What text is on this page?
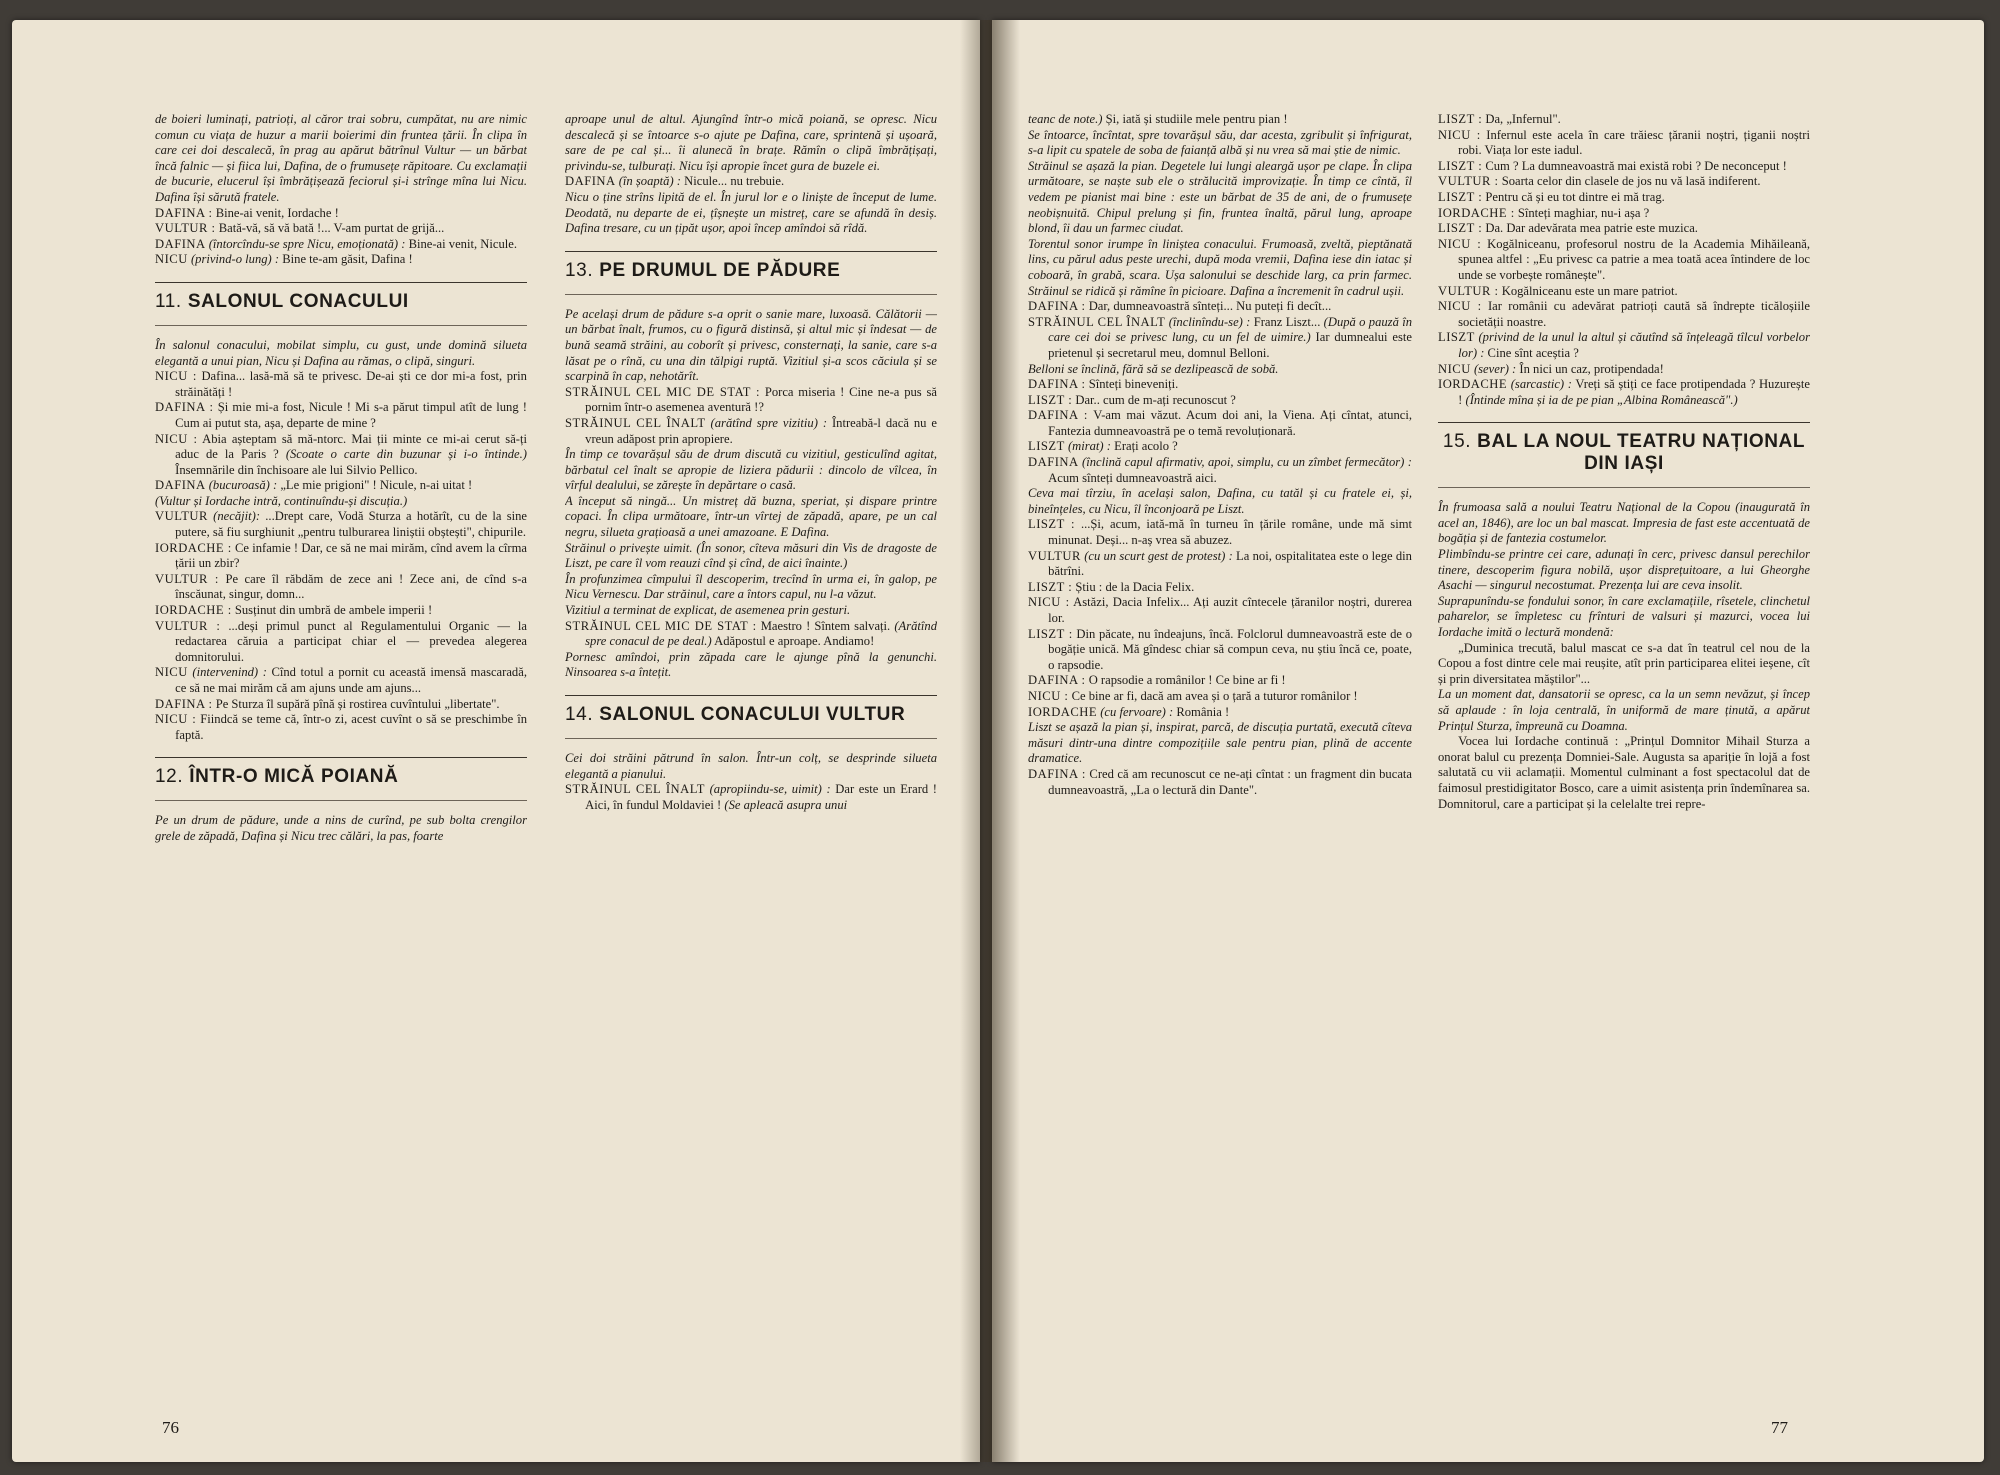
de boieri luminați, patrioți, al căror trai sobru, cumpătat, nu are nimic comun cu viața de huzur a marii boierimi din fruntea țării. În clipa în care cei doi descalecă, în prag au apărut bătrînul Vultur — un bărbat încă falnic — și fiica lui, Dafina, de o frumusețe răpitoare. Cu exclamații de bucurie, elucerul își îmbrățișează feciorul și-i strînge mîna lui Nicu. Dafina își sărută fratele.

DAFINA : Bine-ai venit, Iordache !

VULTUR : Bată-vă, să vă bată !... V-am purtat de grijă...

DAFINA (întorcîndu-se spre Nicu, emoționată) : Bine-ai venit, Nicule.

NICU (privind-o lung) : Bine te-am găsit, Dafina !

11. SALONUL CONACULUI

În salonul conacului, mobilat simplu, cu gust, unde domină silueta elegantă a unui pian, Nicu și Dafina au rămas, o clipă, singuri.

NICU : Dafina... lasă-mă să te privesc. De-ai ști ce dor mi-a fost, prin străinătăți !

DAFINA : Și mie mi-a fost, Nicule ! Mi s-a părut timpul atît de lung ! Cum ai putut sta, așa, departe de mine ?

NICU : Abia așteptam să mă-ntorc. Mai ții minte ce mi-ai cerut să-ți aduc de la Paris ? (Scoate o carte din buzunar și i-o întinde.) Însemnările din închisoare ale lui Silvio Pellico.

DAFINA (bucuroasă) : „Le mie prigioni" ! Nicule, n-ai uitat !

(Vultur și Iordache intră, continuîndu-și discuția.)

VULTUR (necăjit): ...Drept care, Vodă Sturza a hotărît, cu de la sine putere, să fiu surghiunit „pentru tulburarea liniștii obștești", chipurile.

IORDACHE : Ce infamie ! Dar, ce să ne mai mirăm, cînd avem la cîrma țării un zbir?

VULTUR : Pe care îl răbdăm de zece ani ! Zece ani, de cînd s-a înscăunat, singur, domn...

IORDACHE : Susținut din umbră de ambele imperii !

VULTUR : ...deși primul punct al Regulamentului Organic — la redactarea căruia a participat chiar el — prevedea alegerea domnitorului.

NICU (intervenind) : Cînd totul a pornit cu această imensă mascaradă, ce să ne mai mirăm că am ajuns unde am ajuns...

DAFINA : Pe Sturza îl supără pînă și rostirea cuvîntului „libertate".

NICU : Fiindcă se teme că, într-o zi, acest cuvînt o să se preschimbe în faptă.

12. ÎNTR-O MICĂ POIANĂ

Pe un drum de pădure, unde a nins de curînd, pe sub bolta crengilor grele de zăpadă, Dafina și Nicu trec călări, la pas, foarte

aproape unul de altul. Ajungînd într-o mică poiană, se opresc. Nicu descalecă și se întoarce s-o ajute pe Dafina, care, sprintenă și ușoară, sare de pe cal și... îi alunecă în brațe. Rămîn o clipă îmbrățișați, privindu-se, tulburați. Nicu își apropie încet gura de buzele ei.

DAFINA (în șoaptă) : Nicule... nu trebuie.

Nicu o ține strîns lipită de el. În jurul lor e o liniște de început de lume. Deodată, nu departe de ei, țîșnește un mistreț, care se afundă în desiș. Dafina tresare, cu un țipăt ușor, apoi încep amîndoi să rîdă.

13. PE DRUMUL DE PĂDURE

Pe același drum de pădure s-a oprit o sanie mare, luxoasă. Călătorii — un bărbat înalt, frumos, cu o figură distinsă, și altul mic și îndesat — de bună seamă străini, au coborît și privesc, consternați, la sanie, care s-a lăsat pe o rînă, cu una din tălpigi ruptă. Vizitiul și-a scos căciula și se scarpină în cap, nehotărît.

STRĂINUL CEL MIC DE STAT : Porca miseria ! Cine ne-a pus să pornim într-o asemenea aventură !?

STRĂINUL CEL ÎNALT (arătînd spre vizitiu) : Întreabă-l dacă nu e vreun adăpost prin apropiere.

În timp ce tovarășul său de drum discută cu vizitiul, gesticulînd agitat, bărbatul cel înalt se apropie de liziera pădurii : dincolo de vîlcea, în vîrful dealului, se zărește în depărtare o casă.

A început să ningă... Un mistreț dă buzna, speriat, și dispare printre copaci. În clipa următoare, într-un vîrtej de zăpadă, apare, pe un cal negru, silueta grațioasă a unei amazoane. E Dafina.

Străinul o privește uimit. (În sonor, cîteva măsuri din Vis de dragoste de Liszt, pe care îl vom reauzi cînd și cînd, de aici înainte.)

În profunzimea cîmpului îl descoperim, trecînd în urma ei, în galop, pe Nicu Vernescu. Dar străinul, care a întors capul, nu l-a văzut.

Vizitiul a terminat de explicat, de asemenea prin gesturi.

STRĂINUL CEL MIC DE STAT : Maestro ! Sîntem salvați. (Arătînd spre conacul de pe deal.) Adăpostul e aproape. Andiamo!

Pornesc amîndoi, prin zăpada care le ajunge pînă la genunchi. Ninsoarea s-a întețit.

14. SALONUL CONACULUI VULTUR

Cei doi străini pătrund în salon. Într-un colț, se desprinde silueta elegantă a pianului.

STRĂINUL CEL ÎNALT (apropiindu-se, uimit) : Dar este un Erard ! Aici, în fundul Moldaviei ! (Se apleacă asupra unui

76

teanc de note.) Și, iată și studiile mele pentru pian !

Se întoarce, încîntat, spre tovarășul său, dar acesta, zgribulit și înfrigurat, s-a lipit cu spatele de soba de faianță albă și nu vrea să mai știe de nimic.

Străinul se așază la pian. Degetele lui lungi aleargă ușor pe clape. În clipa următoare, se naște sub ele o strălucită improvizație. În timp ce cîntă, îl vedem pe pianist mai bine : este un bărbat de 35 de ani, de o frumusețe neobișnuită. Chipul prelung și fin, fruntea înaltă, părul lung, aproape blond, îi dau un farmec ciudat.

Torentul sonor irumpe în liniștea conacului. Frumoasă, zveltă, pieptănată lins, cu părul adus peste urechi, după moda vremii, Dafina iese din iatac și coboară, în grabă, scara. Ușa salonului se deschide larg, ca prin farmec. Străinul se ridică și rămîne în picioare. Dafina a încremenit în cadrul ușii.

DAFINA : Dar, dumneavoastră sînteți... Nu puteți fi decît...

STRĂINUL CEL ÎNALT (înclinîndu-se) : Franz Liszt... (După o pauză în care cei doi se privesc lung, cu un fel de uimire.) Iar dumnealui este prietenul și secretarul meu, domnul Belloni.

Belloni se înclină, fără să se dezlipească de sobă.

DAFINA : Sînteți bineveniți.

LISZT : Dar.. cum de m-ați recunoscut ?

DAFINA : V-am mai văzut. Acum doi ani, la Viena. Ați cîntat, atunci, Fantezia dumneavoastră pe o temă revoluționară.

LISZT (mirat) : Erați acolo ?

DAFINA (înclină capul afirmativ, apoi, simplu, cu un zîmbet fermecător) : Acum sînteți dumneavoastră aici.

Ceva mai tîrziu, în același salon, Dafina, cu tatăl și cu fratele ei, și, bineînțeles, cu Nicu, îl înconjoară pe Liszt.

LISZT : ...Și, acum, iată-mă în turneu în țările române, unde mă simt minunat. Deși... n-aș vrea să abuzez.

VULTUR (cu un scurt gest de protest) : La noi, ospitalitatea este o lege din bătrîni.

LISZT : Știu : de la Dacia Felix.

NICU : Astăzi, Dacia Infelix... Ați auzit cîntecele țăranilor noștri, durerea lor.

LISZT : Din păcate, nu îndeajuns, încă. Folclorul dumneavoastră este de o bogăție unică. Mă gîndesc chiar să compun ceva, nu știu încă ce, poate, o rapsodie.

DAFINA : O rapsodie a românilor ! Ce bine ar fi !

NICU : Ce bine ar fi, dacă am avea și o țară a tuturor românilor !

IORDACHE (cu fervoare) : România !

Liszt se așază la pian și, inspirat, parcă, de discuția purtată, execută cîteva măsuri dintr-una dintre compozițiile sale pentru pian, plină de accente dramatice.

DAFINA : Cred că am recunoscut ce ne-ați cîntat : un fragment din bucata dumneavoastră, „La o lectură din Dante".

LISZT : Da, „Infernul".

NICU : Infernul este acela în care trăiesc țăranii noștri, țiganii noștri robi. Viața lor este iadul.

LISZT : Cum ? La dumneavoastră mai există robi ? De neconceput !

VULTUR : Soarta celor din clasele de jos nu vă lasă indiferent.

LISZT : Pentru că și eu tot dintre ei mă trag.

IORDACHE : Sînteți maghiar, nu-i așa ?

LISZT : Da. Dar adevărata mea patrie este muzica.

NICU : Kogălniceanu, profesorul nostru de la Academia Mihăileană, spunea altfel : „Eu privesc ca patrie a mea toată acea întindere de loc unde se vorbește românește".

VULTUR : Kogălniceanu este un mare patriot.

NICU : Iar românii cu adevărat patrioți caută să îndrepte ticăloșiile societății noastre.

LISZT (privind de la unul la altul și căutînd să înțeleagă tîlcul vorbelor lor) : Cine sînt aceștia ?

NICU (sever) : În nici un caz, protipendada!

IORDACHE (sarcastic) : Vreți să știți ce face protipendada ? Huzurește ! (Întinde mîna și ia de pe pian „Albina Românească".)

15. BAL LA NOUL TEATRU NAȚIONAL DIN IAȘI

În frumoasa sală a noului Teatru Național de la Copou (inaugurată în acel an, 1846), are loc un bal mascat. Impresia de fast este accentuată de bogăția și de fantezia costumelor.

Plimbîndu-se printre cei care, adunați în cerc, privesc dansul perechilor tinere, descoperim figura nobilă, ușor disprețuitoare, a lui Gheorghe Asachi — singurul necostumat. Prezența lui are ceva insolit.

Suprapunîndu-se fondului sonor, în care exclamațiile, rîsetele, clinchetul paharelor, se împletesc cu frînturi de valsuri și mazurci, vocea lui Iordache imită o lectură mondenă:

„Duminica trecută, balul mascat ce s-a dat în teatrul cel nou de la Copou a fost dintre cele mai reușite, atît prin participarea elitei ieșene, cît și prin diversitatea măștilor"...

La un moment dat, dansatorii se opresc, ca la un semn nevăzut, și încep să aplaude : în loja centrală, în uniformă de mare ținută, a apărut Prințul Sturza, împreună cu Doamna.

Vocea lui Iordache continuă : „Prințul Domnitor Mihail Sturza a onorat balul cu prezența Domniei-Sale. Augusta sa apariție în lojă a fost salutată cu vii aclamații. Momentul culminant a fost spectacolul dat de faimosul prestidigitator Bosco, care a uimit asistența prin îndemînarea sa. Domnitorul, care a participat și la celelalte trei repre-

77
